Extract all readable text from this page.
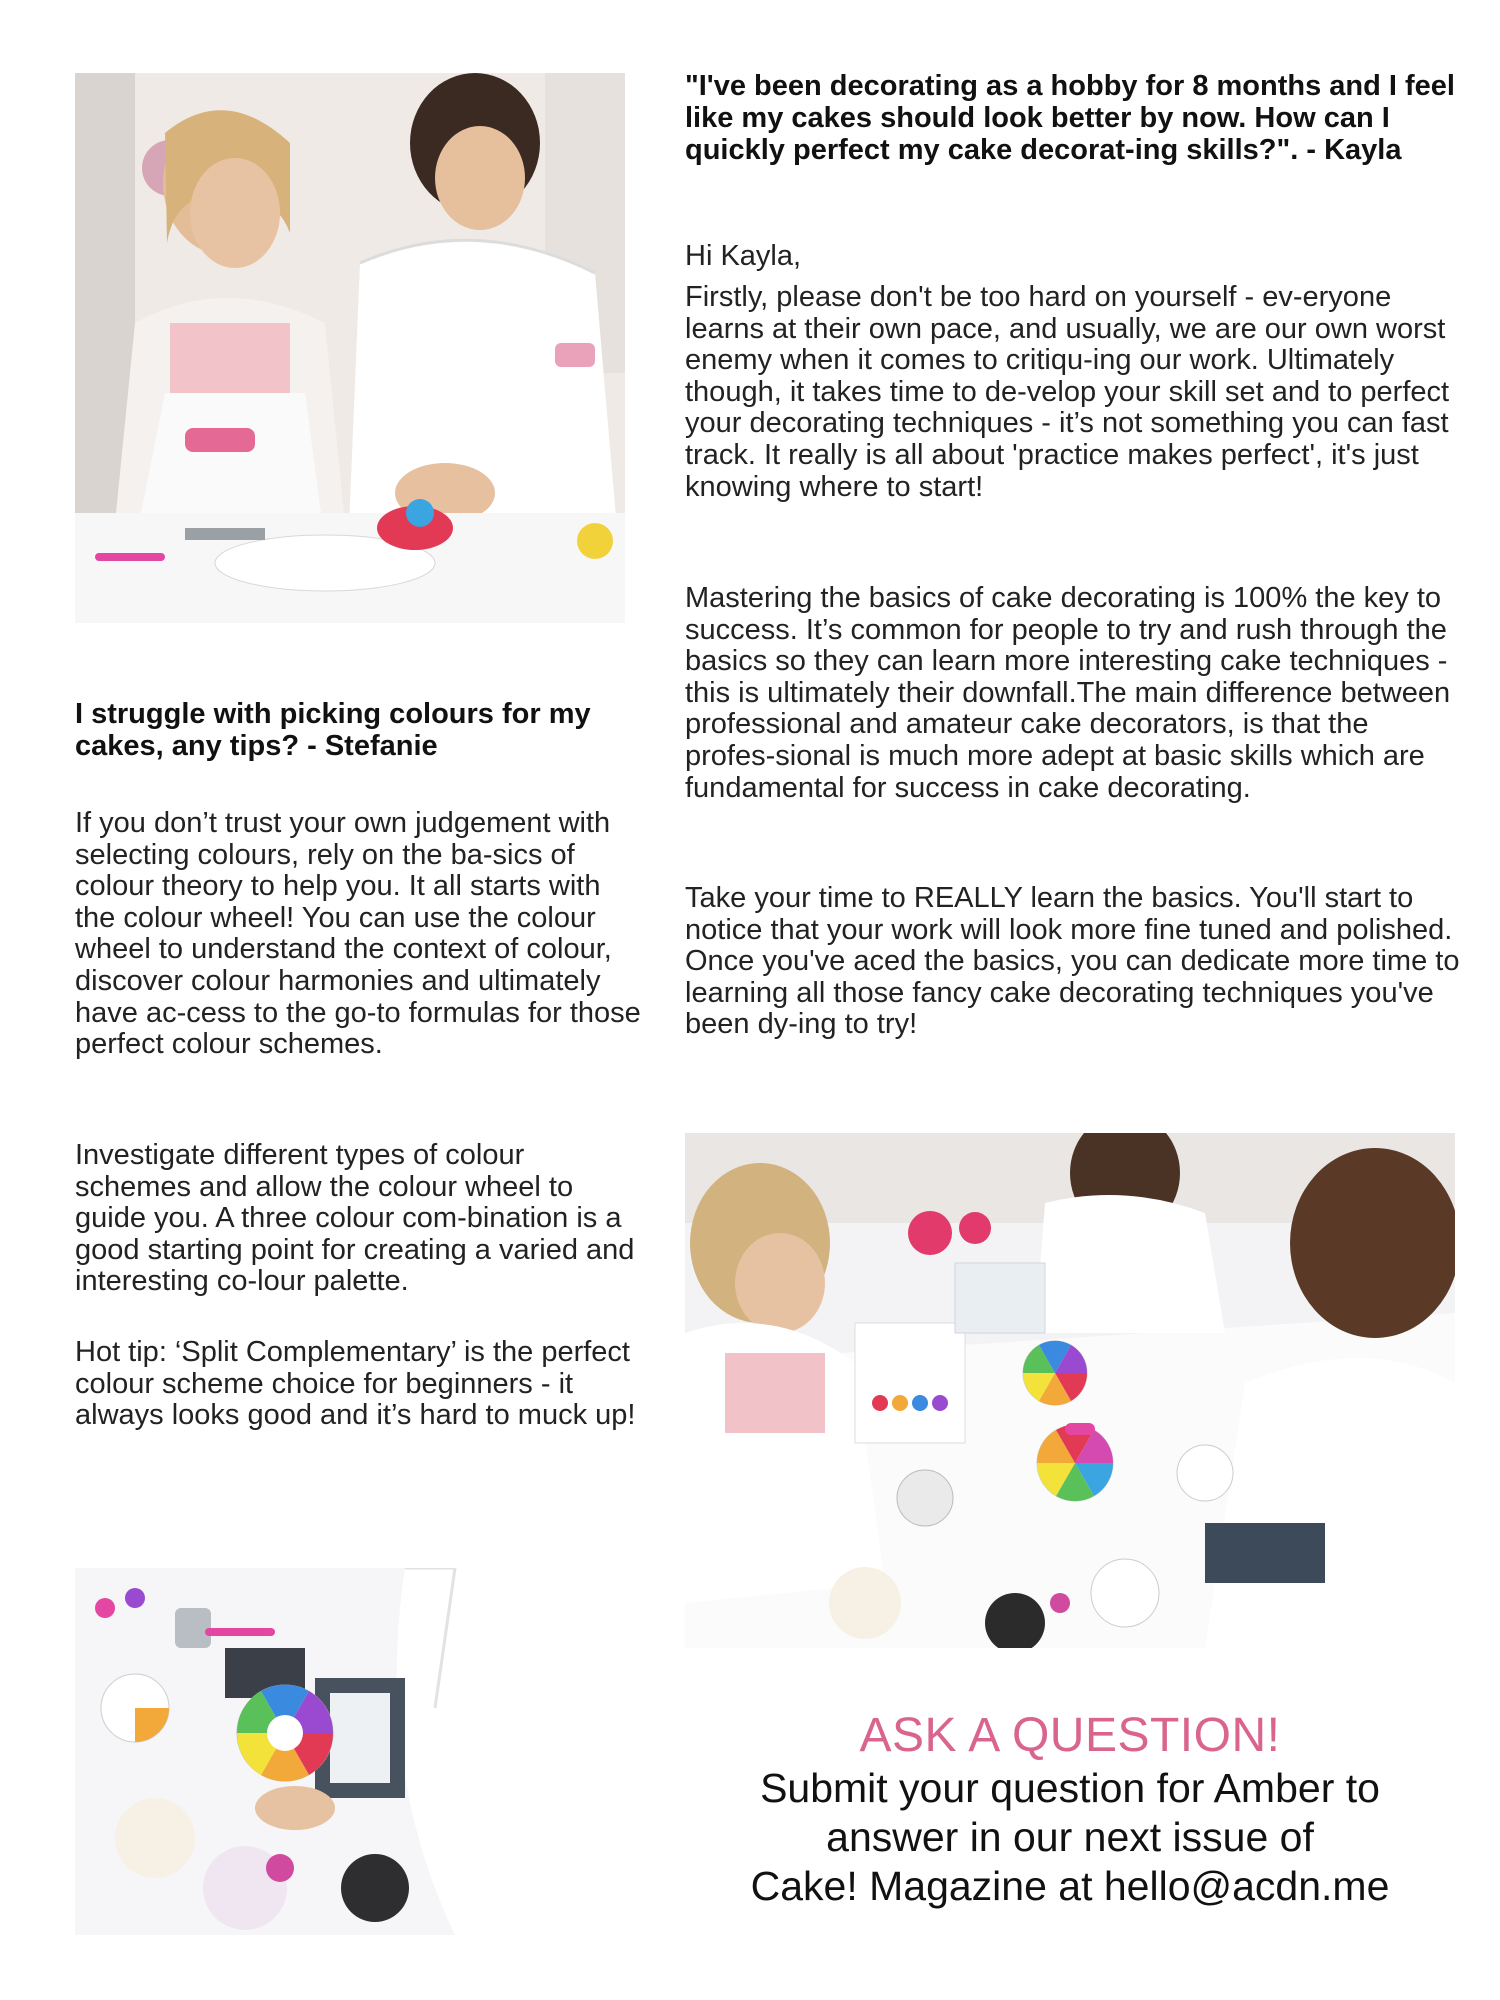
"I've been decorating as a hobby for 8 months and I feel like my cakes should look better by now. How can I quickly perfect my cake decorat-ing skills?". - Kayla

Hi Kayla,

Firstly, please don't be too hard on yourself - ev-eryone learns at their own pace, and usually, we are our own worst enemy when it comes to critiqu-ing our work. Ultimately though, it takes time to de-velop your skill set and to perfect your decorating techniques - it’s not something you can fast track. It really is all about 'practice makes perfect', it's just knowing where to start!

Mastering the basics of cake decorating is 100% the key to success. It’s common for people to try and rush through the basics so they can learn more interesting cake techniques - this is ultimately their downfall.The main difference between professional and amateur cake decorators, is that the profes-sional is much more adept at basic skills which are fundamental for success in cake decorating.

Take your time to REALLY learn the basics. You'll start to notice that your work will look more fine tuned and polished. Once you've aced the basics, you can dedicate more time to learning all those fancy cake decorating techniques you've been dy-ing to try!

I struggle with picking colours for my cakes, any tips? - Stefanie

If you don’t trust your own judgement with selecting colours, rely on the ba-sics of colour theory to help you. It all starts with the colour wheel! You can use the colour wheel to understand the context of colour, discover colour harmonies and ultimately have ac-cess to the go-to formulas for those perfect colour schemes.

Investigate different types of colour schemes and allow the colour wheel to guide you. A three colour com-bination is a good starting point for creating a varied and interesting co-lour palette.

Hot tip: ‘Split Complementary’ is the perfect colour scheme choice for beginners - it always looks good and it’s hard to muck up!

ASK A QUESTION!
Submit your question for Amber to
answer in our next issue of
Cake! Magazine at hello@acdn.me
